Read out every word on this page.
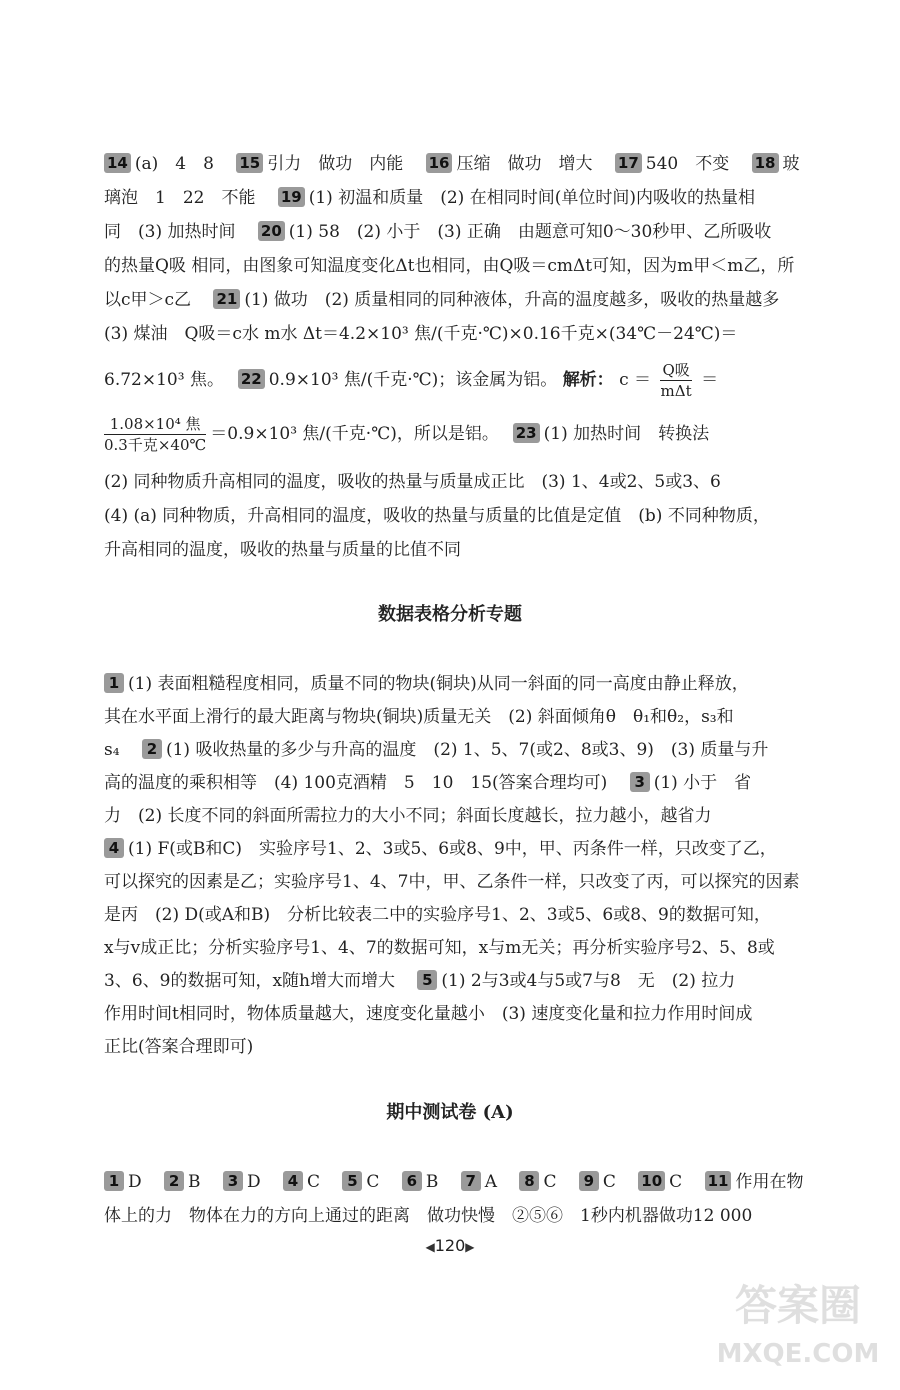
14 (a)　4　8　 15 引力　做功　内能　 16 压缩　做功　增大　 17 540　不变　 18 玻
璃泡　1　22　不能　 19 (1) 初温和质量　(2) 在相同时间(单位时间)内吸收的热量相
同　(3) 加热时间　 20 (1) 58　(2) 小于　(3) 正确　由题意可知0～30秒甲、乙所吸收
的热量Q吸 相同，由图象可知温度变化Δt也相同，由Q吸＝cmΔt可知，因为m甲＜m乙，所
以c甲＞c乙　 21 (1) 做功　(2) 质量相同的同种液体，升高的温度越多，吸收的热量越多
(3) 煤油　Q吸＝c水 m水 Δt＝4.2×10³ 焦/(千克·℃)×0.16千克×(34℃－24℃)＝
6.72×10³ 焦。　 22 0.9×10³ 焦/(千克·℃)；该金属为铝。 解析： $c = \frac{\text{Q吸}}{\text{mΔt}}$ ＝
$\frac{\text{1.08×10⁴ 焦}}{\text{0.3千克×40℃}} =0.9\times 10^3$ 焦/(千克·℃)，所以是铝。　 23 (1) 加热时间　转换法
(2) 同种物质升高相同的温度，吸收的热量与质量成正比　(3) 1、4或2、5或3、6
(4) (a) 同种物质，升高相同的温度，吸收的热量与质量的比值是定值　(b) 不同种物质，
升高相同的温度，吸收的热量与质量的比值不同
数据表格分析专题
1 (1) 表面粗糙程度相同，质量不同的物块(铜块)从同一斜面的同一高度由静止释放，
其在水平面上滑行的最大距离与物块(铜块)质量无关　(2) 斜面倾角θ　θ₁和θ₂，s₃和
s₄　 2 (1) 吸收热量的多少与升高的温度　(2) 1、5、7(或2、8或3、9)　(3) 质量与升
高的温度的乘积相等　(4) 100克酒精　5　10　15(答案合理均可)　 3 (1) 小于　省
力　(2) 长度不同的斜面所需拉力的大小不同；斜面长度越长，拉力越小，越省力
4 (1) F(或B和C)　实验序号1、2、3或5、6或8、9中，甲、丙条件一样，只改变了乙，
可以探究的因素是乙；实验序号1、4、7中，甲、乙条件一样，只改变了丙，可以探究的因素
是丙　(2) D(或A和B)　分析比较表二中的实验序号1、2、3或5、6或8、9的数据可知，
x与v成正比；分析实验序号1、4、7的数据可知，x与m无关；再分析实验序号2、5、8或
3、6、9的数据可知，x随h增大而增大　 5 (1) 2与3或4与5或7与8　无　(2) 拉力
作用时间t相同时，物体质量越大，速度变化量越小　(3) 速度变化量和拉力作用时间成
正比(答案合理即可)
期中测试卷 (A)
1 D　 2 B　 3 D　 4 C　 5 C　 6 B　 7 A　 8 C　 9 C　 10 C　 11 作用在物
体上的力　物体在力的方向上通过的距离　做功快慢　②⑤⑥　1秒内机器做功12 000
◀120▶
答案圈
MXQE.COM
